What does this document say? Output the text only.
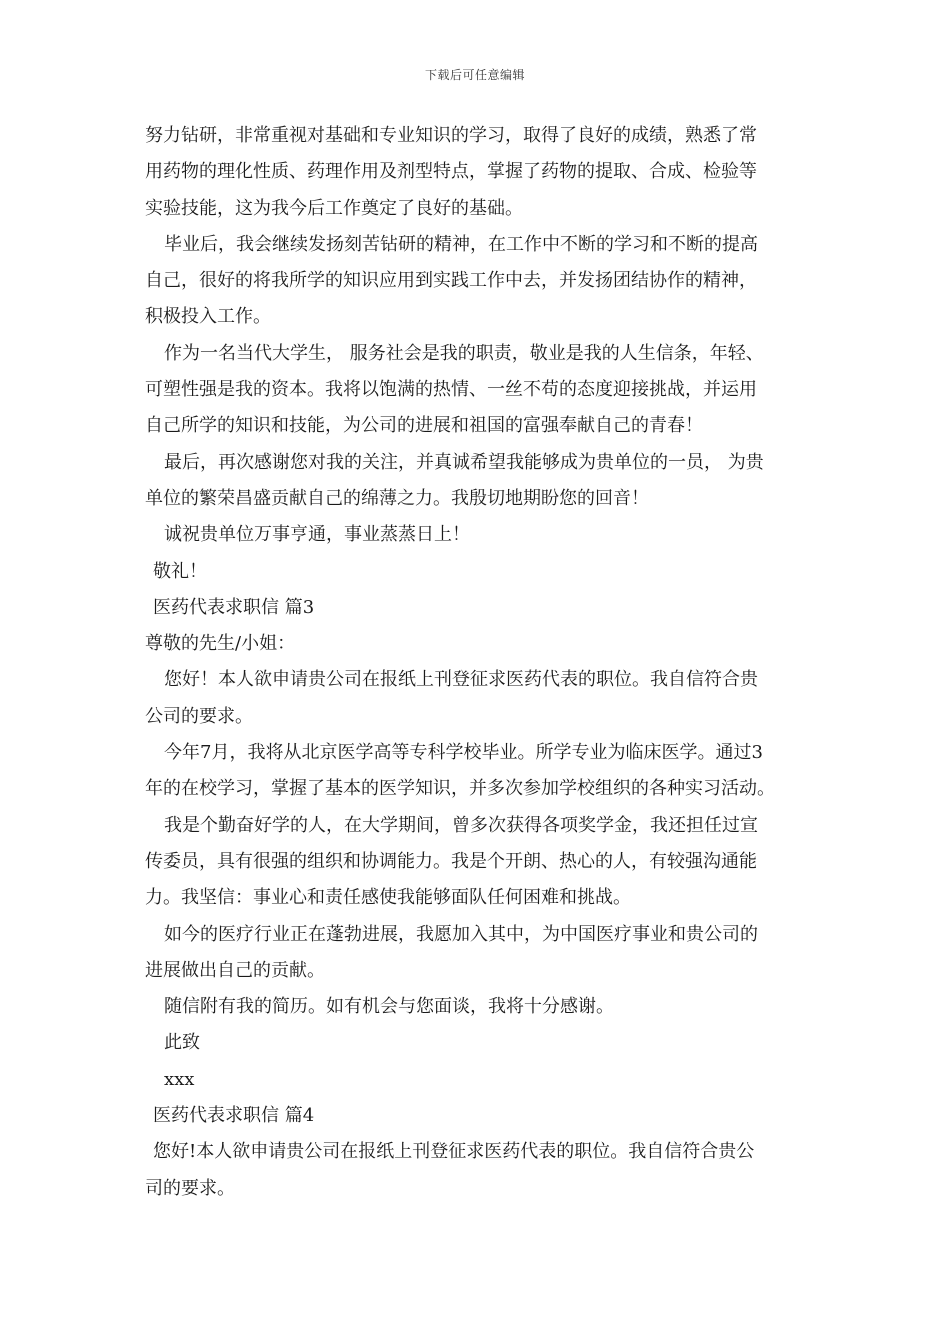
下载后可任意编辑
努力钻研，非常重视对基础和专业知识的学习，取得了良好的成绩，熟悉了常
用药物的理化性质、药理作用及剂型特点，掌握了药物的提取、合成、检验等
实验技能，这为我今后工作奠定了良好的基础。
毕业后，我会继续发扬刻苦钻研的精神，在工作中不断的学习和不断的提高
自己，很好的将我所学的知识应用到实践工作中去，并发扬团结协作的精神，
积极投入工作。
作为一名当代大学生， 服务社会是我的职责，敬业是我的人生信条，年轻、
可塑性强是我的资本。我将以饱满的热情、一丝不苟的态度迎接挑战，并运用
自己所学的知识和技能，为公司的进展和祖国的富强奉献自己的青春！
最后，再次感谢您对我的关注，并真诚希望我能够成为贵单位的一员， 为贵
单位的繁荣昌盛贡献自己的绵薄之力。我殷切地期盼您的回音！
诚祝贵单位万事亨通，事业蒸蒸日上！
敬礼！
医药代表求职信 篇3
尊敬的先生/小姐：
您好！本人欲申请贵公司在报纸上刊登征求医药代表的职位。我自信符合贵
公司的要求。
今年7月，我将从北京医学高等专科学校毕业。所学专业为临床医学。通过3
年的在校学习，掌握了基本的医学知识，并多次参加学校组织的各种实习活动。
我是个勤奋好学的人，在大学期间，曾多次获得各项奖学金，我还担任过宣
传委员，具有很强的组织和协调能力。我是个开朗、热心的人，有较强沟通能
力。我坚信：事业心和责任感使我能够面队任何困难和挑战。
如今的医疗行业正在蓬勃进展，我愿加入其中，为中国医疗事业和贵公司的
进展做出自己的贡献。
随信附有我的简历。如有机会与您面谈，我将十分感谢。
此致
xxx
医药代表求职信 篇4
您好!本人欲申请贵公司在报纸上刊登征求医药代表的职位。我自信符合贵公
司的要求。
